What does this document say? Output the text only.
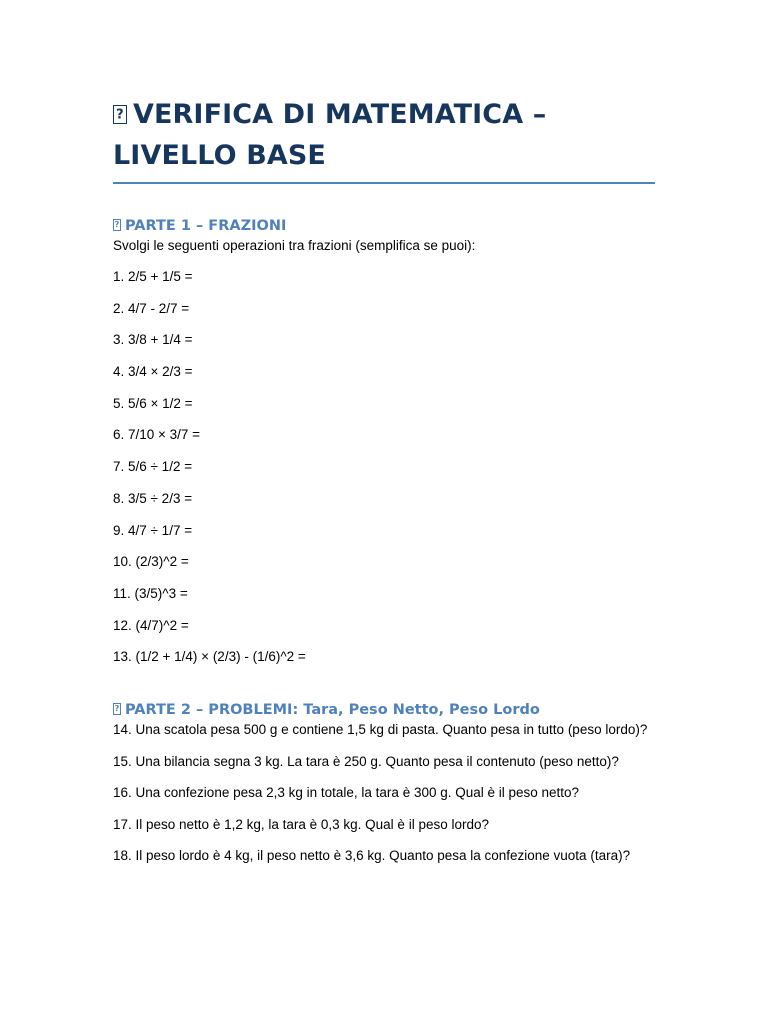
?VERIFICA DI MATEMATICA – LIVELLO BASE
?PARTE 1 – FRAZIONI

Svolgi le seguenti operazioni tra frazioni (semplifica se puoi):

1. 2/5 + 1/5 =

2. 4/7 - 2/7 =

3. 3/8 + 1/4 =

4. 3/4 × 2/3 =

5. 5/6 × 1/2 =

6. 7/10 × 3/7 =

7. 5/6 ÷ 1/2 =

8. 3/5 ÷ 2/3 =

9. 4/7 ÷ 1/7 =

10. (2/3)^2 =

11. (3/5)^3 =

12. (4/7)^2 =

13. (1/2 + 1/4) × (2/3) - (1/6)^2 =

?PARTE 2 – PROBLEMI: Tara, Peso Netto, Peso Lordo

14. Una scatola pesa 500 g e contiene 1,5 kg di pasta. Quanto pesa in tutto (peso lordo)?

15. Una bilancia segna 3 kg. La tara è 250 g. Quanto pesa il contenuto (peso netto)?

16. Una confezione pesa 2,3 kg in totale, la tara è 300 g. Qual è il peso netto?

17. Il peso netto è 1,2 kg, la tara è 0,3 kg. Qual è il peso lordo?

18. Il peso lordo è 4 kg, il peso netto è 3,6 kg. Quanto pesa la confezione vuota (tara)?
